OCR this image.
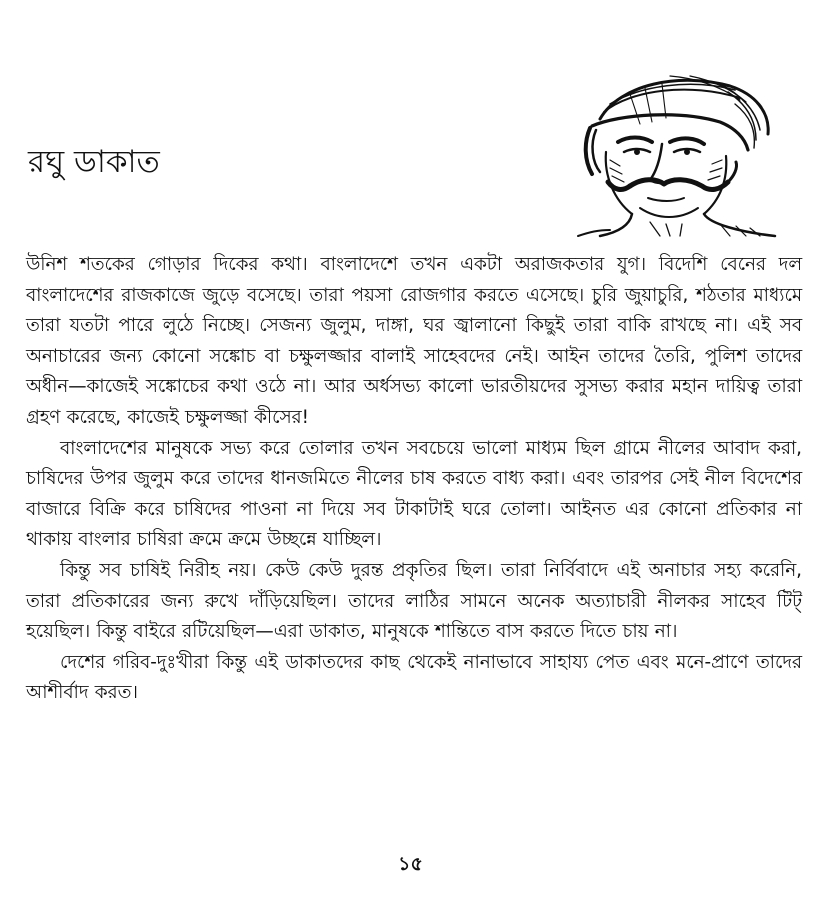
রঘু ডাকাত

উনিশ শতকের গোড়ার দিকের কথা। বাংলাদেশে তখন একটা অরাজকতার যুগ। বিদেশি বেনের দল বাংলাদেশের রাজকাজে জুড়ে বসেছে। তারা পয়সা রোজগার করতে এসেছে। চুরি জুয়াচুরি, শঠতার মাধ্যমে তারা যতটা পারে লুঠে নিচ্ছে। সেজন্য জুলুম, দাঙ্গা, ঘর জ্বালানো কিছুই তারা বাকি রাখছে না। এই সব অনাচারের জন্য কোনো সঙ্কোচ বা চক্ষুলজ্জার বালাই সাহেবদের নেই। আইন তাদের তৈরি, পুলিশ তাদের অধীন—কাজেই সঙ্কোচের কথা ওঠে না। আর অর্ধসভ্য কালো ভারতীয়দের সুসভ্য করার মহান দায়িত্ব তারা গ্রহণ করেছে, কাজেই চক্ষুলজ্জা কীসের!

বাংলাদেশের মানুষকে সভ্য করে তোলার তখন সবচেয়ে ভালো মাধ্যম ছিল গ্রামে নীলের আবাদ করা, চাষিদের উপর জুলুম করে তাদের ধানজমিতে নীলের চাষ করতে বাধ্য করা। এবং তারপর সেই নীল বিদেশের বাজারে বিক্রি করে চাষিদের পাওনা না দিয়ে সব টাকাটাই ঘরে তোলা। আইনত এর কোনো প্রতিকার না থাকায় বাংলার চাষিরা ক্রমে ক্রমে উচ্ছন্নে যাচ্ছিল।

কিন্তু সব চাষিই নিরীহ নয়। কেউ কেউ দুরন্ত প্রকৃতির ছিল। তারা নির্বিবাদে এই অনাচার সহ্য করেনি, তারা প্রতিকারের জন্য রুখে দাঁড়িয়েছিল। তাদের লাঠির সামনে অনেক অত্যাচারী নীলকর সাহেব টিট্ হয়েছিল। কিন্তু বাইরে রটিয়েছিল—এরা ডাকাত, মানুষকে শান্তিতে বাস করতে দিতে চায় না।

দেশের গরিব-দুঃখীরা কিন্তু এই ডাকাতদের কাছ থেকেই নানাভাবে সাহায্য পেত এবং মনে-প্রাণে তাদের আশীর্বাদ করত।

১৫
